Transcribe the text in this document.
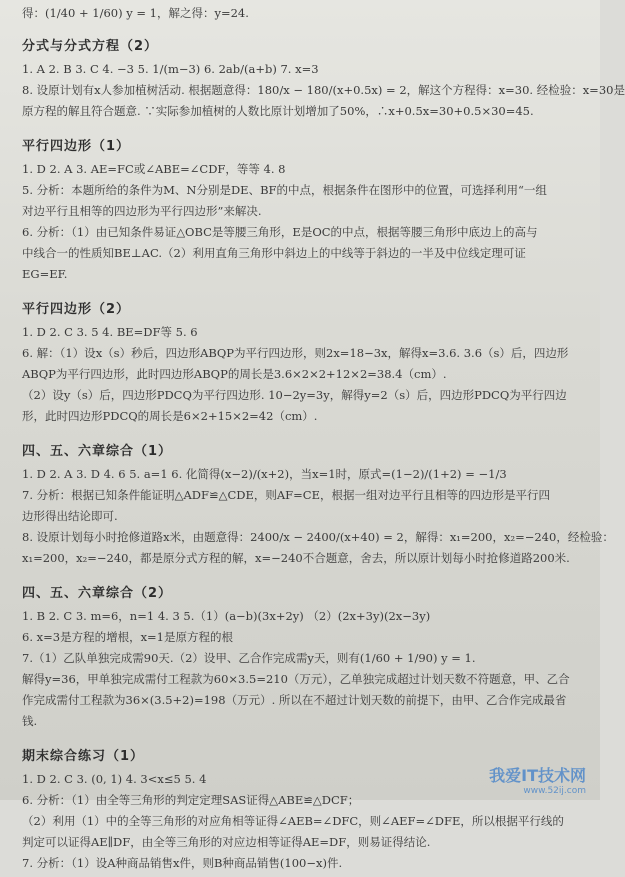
得：(1/40 + 1/60) y = 1，解之得：y=24.
分式与分式方程（2）
1. A 2. B 3. C 4. −3 5. 1/(m−3) 6. 2ab/(a+b) 7. x=3
8. 设原计划有x人参加植树活动. 根据题意得：180/x − 180/(x+0.5x) = 2，解这个方程得：x=30. 经检验：x=30是
原方程的解且符合题意. ∵实际参加植树的人数比原计划增加了50%，∴x+0.5x=30+0.5×30=45.
平行四边形（1）
1. D 2. A 3. AE=FC或∠ABE=∠CDF，等等 4. 8
5. 分析：本题所给的条件为M、N分别是DE、BF的中点，根据条件在图形中的位置，可选择利用“一组
对边平行且相等的四边形为平行四边形”来解决.
6. 分析：（1）由已知条件易证△OBC是等腰三角形，E是OC的中点，根据等腰三角形中底边上的高与
中线合一的性质知BE⊥AC.（2）利用直角三角形中斜边上的中线等于斜边的一半及中位线定理可证
EG=EF.
平行四边形（2）
1. D 2. C 3. 5 4. BE=DF等 5. 6
6. 解：（1）设x（s）秒后，四边形ABQP为平行四边形，则2x=18−3x，解得x=3.6. 3.6（s）后，四边形
ABQP为平行四边形，此时四边形ABQP的周长是3.6×2×2+12×2=38.4（cm）.
（2）设y（s）后，四边形PDCQ为平行四边形. 10−2y=3y，解得y=2（s）后，四边形PDCQ为平行四边
形，此时四边形PDCQ的周长是6×2+15×2=42（cm）.
四、五、六章综合（1）
1. D 2. A 3. D 4. 6 5. a=1 6. 化简得(x−2)/(x+2)，当x=1时，原式=(1−2)/(1+2) = −1/3
7. 分析：根据已知条件能证明△ADF≌△CDE，则AF=CE，根据一组对边平行且相等的四边形是平行四
边形得出结论即可.
8. 设原计划每小时抢修道路x米，由题意得：2400/x − 2400/(x+40) = 2，解得：x₁=200，x₂=−240，经检验：
x₁=200，x₂=−240，都是原分式方程的解，x=−240不合题意，舍去，所以原计划每小时抢修道路200米.
四、五、六章综合（2）
1. B 2. C 3. m=6，n=1 4. 3 5.（1）(a−b)(3x+2y) （2）(2x+3y)(2x−3y)
6. x=3是方程的增根，x=1是原方程的根
7.（1）乙队单独完成需90天.（2）设甲、乙合作完成需y天，则有(1/60 + 1/90) y = 1.
解得y=36，甲单独完成需付工程款为60×3.5=210（万元），乙单独完成超过计划天数不符题意，甲、乙合
作完成需付工程款为36×(3.5+2)=198（万元）. 所以在不超过计划天数的前提下，由甲、乙合作完成最省
钱.
期末综合练习（1）
1. D 2. C 3. (0, 1) 4. 3<x≤5 5. 4
6. 分析：（1）由全等三角形的判定定理SAS证得△ABE≌△DCF；
（2）利用（1）中的全等三角形的对应角相等证得∠AEB=∠DFC，则∠AEF=∠DFE，所以根据平行线的
判定可以证得AE∥DF，由全等三角形的对应边相等证得AE=DF，则易证得结论.
7. 分析：（1）设A种商品销售x件，则B种商品销售(100−x)件.
我爱IT技术网
www.52ij.com
